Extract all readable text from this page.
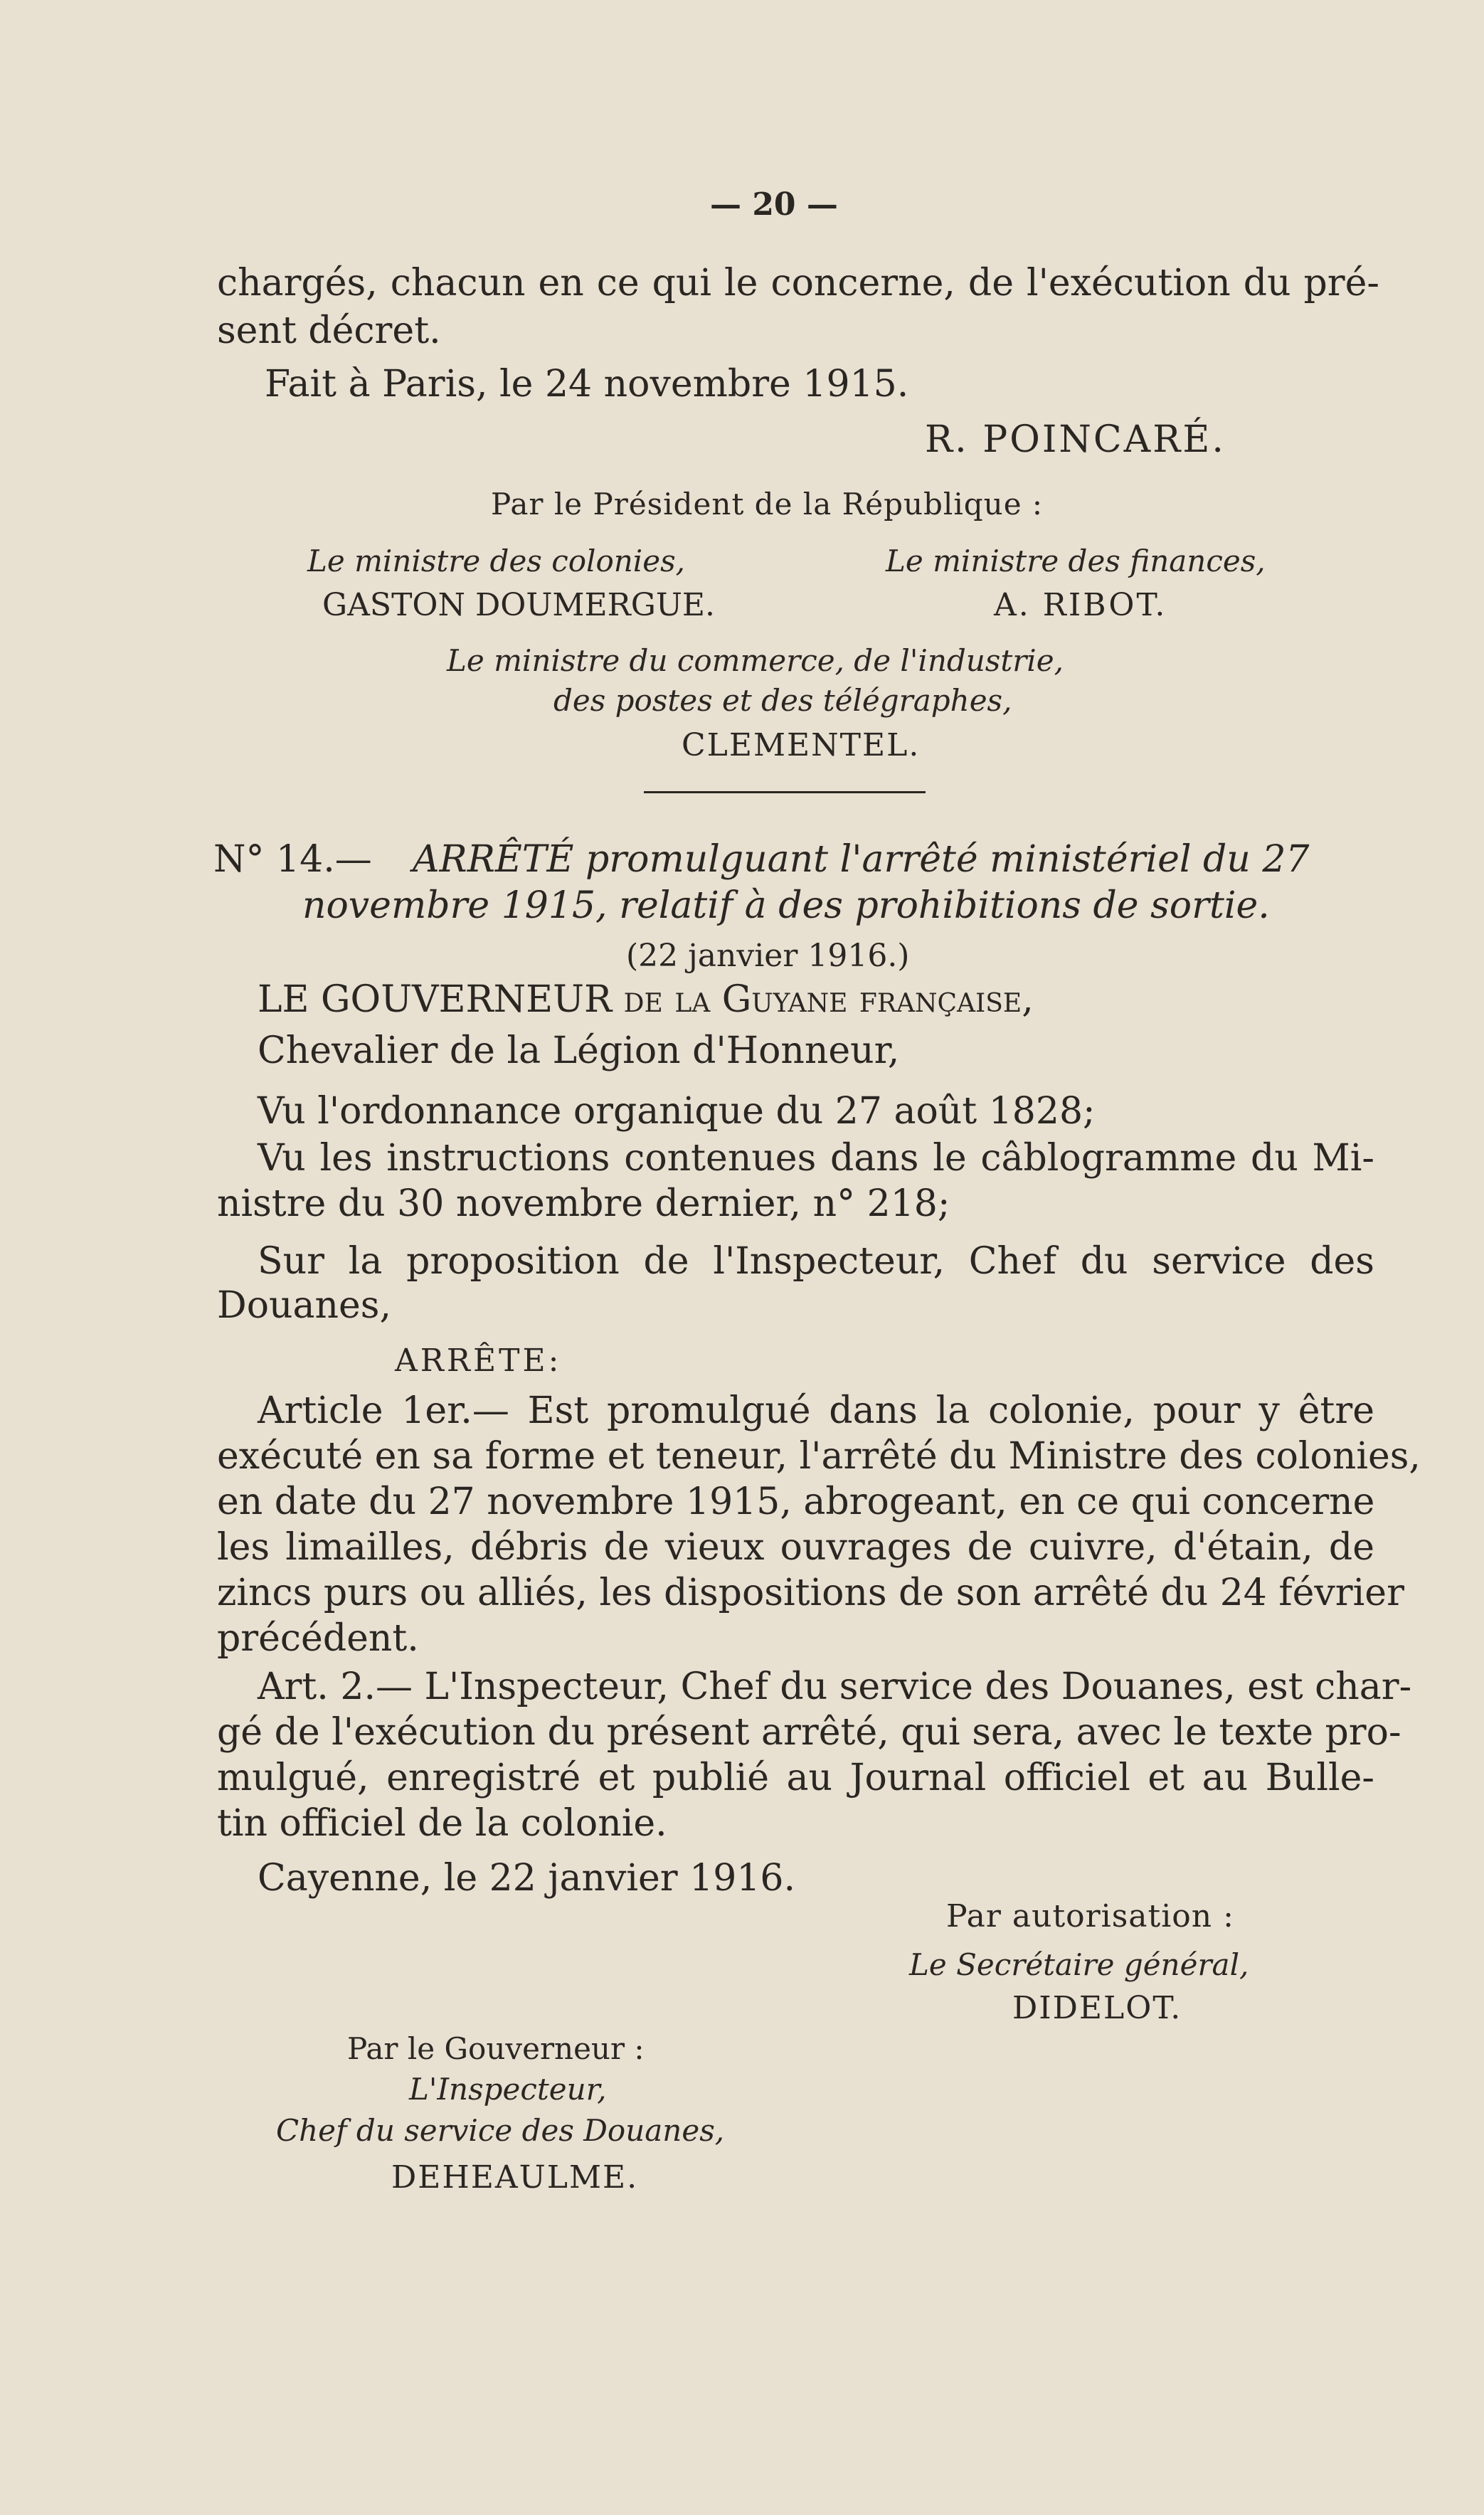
— 20 —
chargés, chacun en ce qui le concerne, de l'exécution du pré-
sent décret.
Fait à Paris, le 24 novembre 1915.
R. POINCARÉ.
Par le Président de la République :
Le ministre des colonies,	Le ministre des finances,
GASTON DOUMERGUE.	A. RIBOT.
Le ministre du commerce, de l'industrie,
des postes et des télégraphes,
CLEMENTEL.
N° 14.— ARRÊTÉ promulguant l'arrêté ministériel du 27
novembre 1915, relatif à des prohibitions de sortie.
(22 janvier 1916.)
LE GOUVERNEUR de la Guyane française,
Chevalier de la Légion d'Honneur,
Vu l'ordonnance organique du 27 août 1828;
Vu les instructions contenues dans le câblogramme du Mi-
nistre du 30 novembre dernier, n° 218;
Sur la proposition de l'Inspecteur, Chef du service des
Douanes,
ARRÊTE:
Article 1er.— Est promulgué dans la colonie, pour y être
exécuté en sa forme et teneur, l'arrêté du Ministre des colonies,
en date du 27 novembre 1915, abrogeant, en ce qui concerne
les limailles, débris de vieux ouvrages de cuivre, d'étain, de
zincs purs ou alliés, les dispositions de son arrêté du 24 février
précédent.
Art. 2.— L'Inspecteur, Chef du service des Douanes, est char-
gé de l'exécution du présent arrêté, qui sera, avec le texte pro-
mulgué, enregistré et publié au Journal officiel et au Bulle-
tin officiel de la colonie.
Cayenne, le 22 janvier 1916.
Par autorisation :
Le Secrétaire général,
DIDELOT.
Par le Gouverneur :
L'Inspecteur,
Chef du service des Douanes,
DEHEAULME.
